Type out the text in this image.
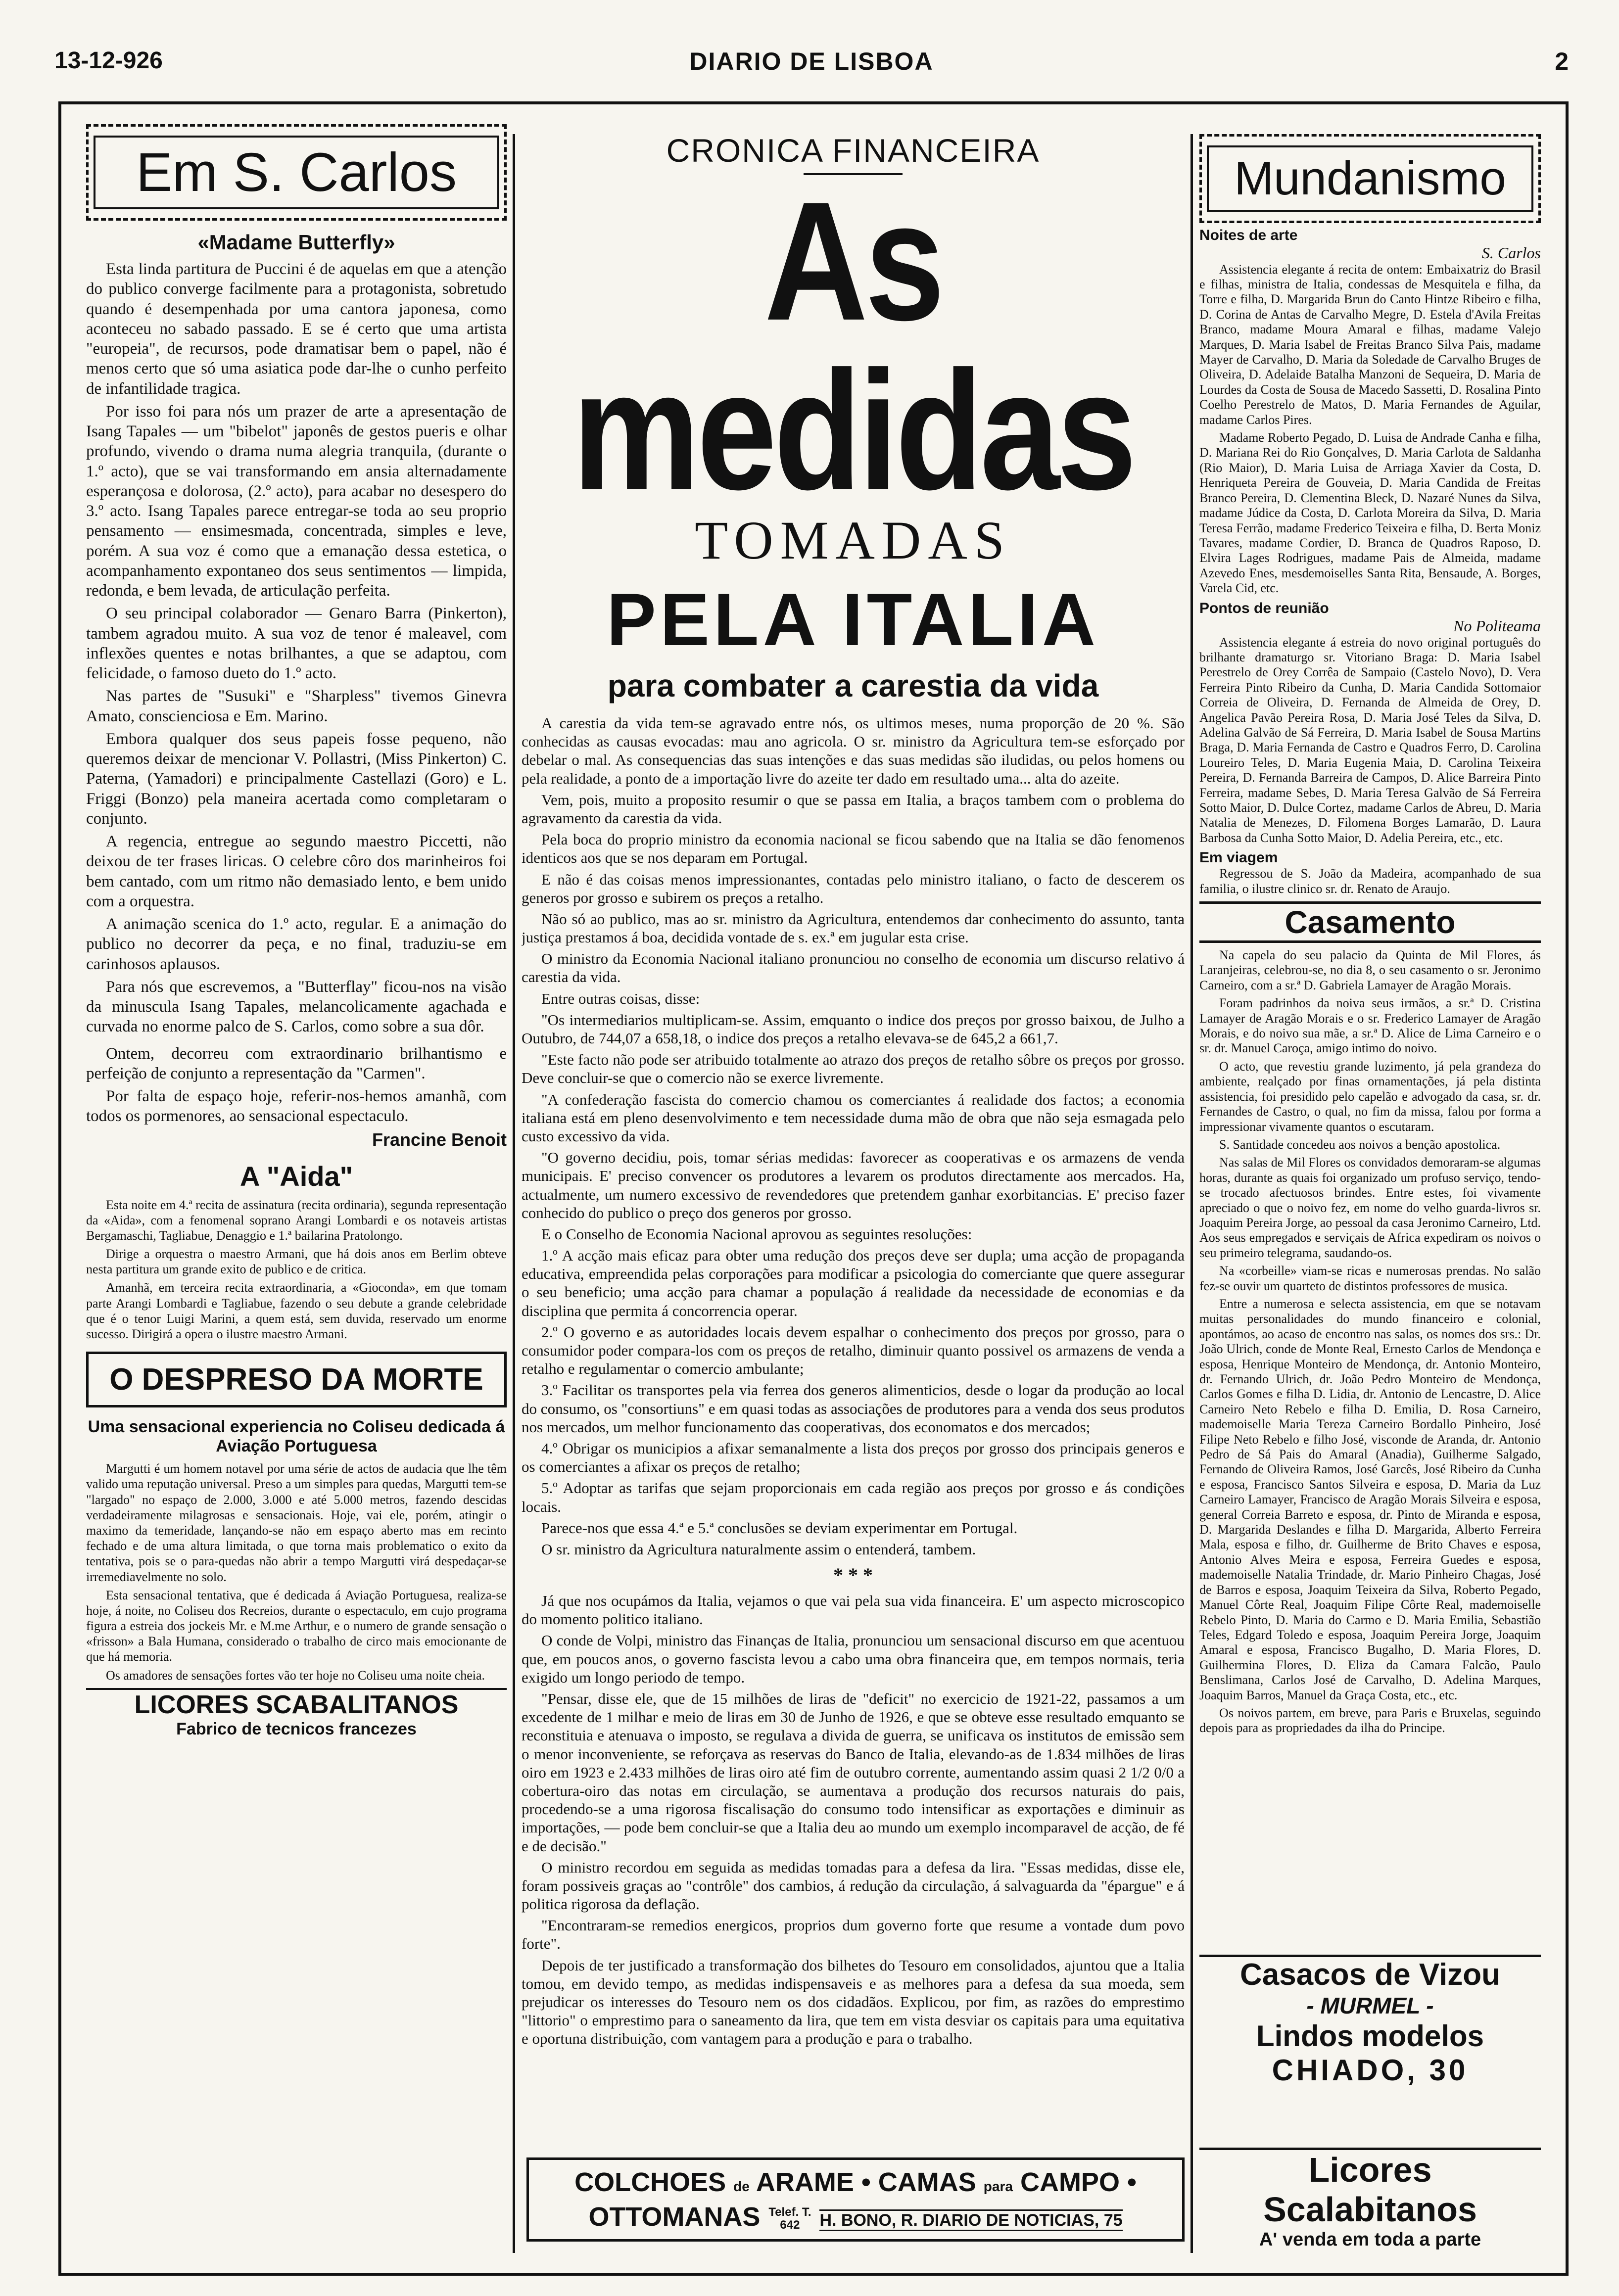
13-12-926	DIARIO DE LISBOA	2
Em S. Carlos
«Madame Butterfly»

Esta linda partitura de Puccini é de aquelas em que a atenção do publico converge facilmente para a protagonista, sobretudo quando é desempenhada por uma cantora japonesa, como aconteceu no sabado passado. E se é certo que uma artista "europeia", de recursos, pode dramatisar bem o papel, não é menos certo que só uma asiatica pode dar-lhe o cunho perfeito de infantilidade tragica.

Por isso foi para nós um prazer de arte a apresentação de Isang Tapales — um "bibelot" japonês de gestos pueris e olhar profundo, vivendo o drama numa alegria tranquila, (durante o 1.º acto), que se vai transformando em ansia alternadamente esperançosa e dolorosa, (2.º acto), para acabar no desespero do 3.º acto. Isang Tapales parece entregar-se toda ao seu proprio pensamento — ensimesmada, concentrada, simples e leve, porém. A sua voz é como que a emanação dessa estetica, o acompanhamento expontaneo dos seus sentimentos — limpida, redonda, e bem levada, de articulação perfeita.

O seu principal colaborador — Genaro Barra (Pinkerton), tambem agradou muito. A sua voz de tenor é maleavel, com inflexões quentes e notas brilhantes, a que se adaptou, com felicidade, o famoso dueto do 1.º acto.

Nas partes de "Susuki" e "Sharpless" tivemos Ginevra Amato, conscienciosa e Em. Marino.

Embora qualquer dos seus papeis fosse pequeno, não queremos deixar de mencionar V. Pollastri, (Miss Pinkerton) C. Paterna, (Yamadori) e principalmente Castellazi (Goro) e L. Friggi (Bonzo) pela maneira acertada como completaram o conjunto.

A regencia, entregue ao segundo maestro Piccetti, não deixou de ter frases liricas. O celebre côro dos marinheiros foi bem cantado, com um ritmo não demasiado lento, e bem unido com a orquestra.

A animação scenica do 1.º acto, regular. E a animação do publico no decorrer da peça, e no final, traduziu-se em carinhosos aplausos.

Para nós que escrevemos, a "Butterflay" ficou-nos na visão da minuscula Isang Tapales, melancolicamente agachada e curvada no enorme palco de S. Carlos, como sobre a sua dôr.

Ontem, decorreu com extraordinario brilhantismo e perfeição de conjunto a representação da "Carmen".

Por falta de espaço hoje, referir-nos-hemos amanhã, com todos os pormenores, ao sensacional espectaculo.

Francine Benoit
A "Aida"

Esta noite em 4.ª recita de assinatura (recita ordinaria), segunda representação da «Aida», com a fenomenal soprano Arangi Lombardi e os notaveis artistas Bergamaschi, Tagliabue, Denaggio e 1.ª bailarina Pratolongo.

Dirige a orquestra o maestro Armani, que há dois anos em Berlim obteve nesta partitura um grande exito de publico e de critica.

Amanhã, em terceira recita extraordinaria, a «Gioconda», em que tomam parte Arangi Lombardi e Tagliabue, fazendo o seu debute a grande celebridade que é o tenor Luigi Marini, a quem está, sem duvida, reservado um enorme sucesso. Dirigirá a opera o ilustre maestro Armani.

O DESPRESO DA MORTE
Uma sensacional experiencia no Coliseu dedicada á Aviação Portuguesa

Margutti é um homem notavel por uma série de actos de audacia que lhe têm valido uma reputação universal. Preso a um simples para quedas, Margutti tem-se "largado" no espaço de 2.000, 3.000 e até 5.000 metros, fazendo descidas verdadeiramente milagrosas e sensacionais. Hoje, vai ele, porém, atingir o maximo da temeridade, lançando-se não em espaço aberto mas em recinto fechado e de uma altura limitada, o que torna mais problematico o exito da tentativa, pois se o para-quedas não abrir a tempo Margutti virá despedaçar-se irremediavelmente no solo.

Esta sensacional tentativa, que é dedicada á Aviação Portuguesa, realiza-se hoje, á noite, no Coliseu dos Recreios, durante o espectaculo, em cujo programa figura a estreia dos jockeis Mr. e M.me Arthur, e o numero de grande sensação o «frisson» a Bala Humana, considerado o trabalho de circo mais emocionante de que há memoria.

Os amadores de sensações fortes vão ter hoje no Coliseu uma noite cheia.

LICORES SCABALITANOS
Fabrico de tecnicos francezes
CRONICA FINANCEIRA
As medidas
TOMADAS
PELA ITALIA
para combater a carestia da vida

A carestia da vida tem-se agravado entre nós, os ultimos meses, numa proporção de 20 %. São conhecidas as causas evocadas: mau ano agricola. O sr. ministro da Agricultura tem-se esforçado por debelar o mal. As consequencias das suas intenções e das suas medidas são iludidas, ou pelos homens ou pela realidade, a ponto de a importação livre do azeite ter dado em resultado uma... alta do azeite.

Vem, pois, muito a proposito resumir o que se passa em Italia, a braços tambem com o problema do agravamento da carestia da vida.

Pela boca do proprio ministro da economia nacional se ficou sabendo que na Italia se dão fenomenos identicos aos que se nos deparam em Portugal.

E não é das coisas menos impressionantes, contadas pelo ministro italiano, o facto de descerem os generos por grosso e subirem os preços a retalho.

Não só ao publico, mas ao sr. ministro da Agricultura, entendemos dar conhecimento do assunto, tanta justiça prestamos á boa, decidida vontade de s. ex.ª em jugular esta crise.

O ministro da Economia Nacional italiano pronunciou no conselho de economia um discurso relativo á carestia da vida.

Entre outras coisas, disse:

"Os intermediarios multiplicam-se. Assim, emquanto o indice dos preços por grosso baixou, de Julho a Outubro, de 744,07 a 658,18, o indice dos preços a retalho elevava-se de 645,2 a 661,7.

"Este facto não pode ser atribuido totalmente ao atrazo dos preços de retalho sôbre os preços por grosso. Deve concluir-se que o comercio não se exerce livremente.

"A confederação fascista do comercio chamou os comerciantes á realidade dos factos; a economia italiana está em pleno desenvolvimento e tem necessidade duma mão de obra que não seja esmagada pelo custo excessivo da vida.

"O governo decidiu, pois, tomar sérias medidas: favorecer as cooperativas e os armazens de venda municipais. E' preciso convencer os produtores a levarem os produtos directamente aos mercados. Ha, actualmente, um numero excessivo de revendedores que pretendem ganhar exorbitancias. E' preciso fazer conhecido do publico o preço dos generos por grosso.

E o Conselho de Economia Nacional aprovou as seguintes resoluções:

1.º A acção mais eficaz para obter uma redução dos preços deve ser dupla; uma acção de propaganda educativa, empreendida pelas corporações para modificar a psicologia do comerciante que quere assegurar o seu beneficio; uma acção para chamar a população á realidade da necessidade de economias e da disciplina que permita á concorrencia operar.

2.º O governo e as autoridades locais devem espalhar o conhecimento dos preços por grosso, para o consumidor poder compara-los com os preços de retalho, diminuir quanto possivel os armazens de venda a retalho e regulamentar o comercio ambulante;

3.º Facilitar os transportes pela via ferrea dos generos alimenticios, desde o logar da produção ao local do consumo, os "consortiuns" e em quasi todas as associações de produtores para a venda dos seus produtos nos mercados, um melhor funcionamento das cooperativas, dos economatos e dos mercados;

4.º Obrigar os municipios a afixar semanalmente a lista dos preços por grosso dos principais generos e os comerciantes a afixar os preços de retalho;

5.º Adoptar as tarifas que sejam proporcionais em cada região aos preços por grosso e ás condições locais.

Parece-nos que essa 4.ª e 5.ª conclusões se deviam experimentar em Portugal.

O sr. ministro da Agricultura naturalmente assim o entenderá, tambem.

* * *

Já que nos ocupámos da Italia, vejamos o que vai pela sua vida financeira. E' um aspecto microscopico do momento politico italiano.

O conde de Volpi, ministro das Finanças de Italia, pronunciou um sensacional discurso em que acentuou que, em poucos anos, o governo fascista levou a cabo uma obra financeira que, em tempos normais, teria exigido um longo periodo de tempo.

"Pensar, disse ele, que de 15 milhões de liras de "deficit" no exercicio de 1921-22, passamos a um excedente de 1 milhar e meio de liras em 30 de Junho de 1926, e que se obteve esse resultado emquanto se reconstituia e atenuava o imposto, se regulava a divida de guerra, se unificava os institutos de emissão sem o menor inconveniente, se reforçava as reservas do Banco de Italia, elevando-as de 1.834 milhões de liras oiro em 1923 e 2.433 milhões de liras oiro até fim de outubro corrente, aumentando assim quasi 2 1/2 0/0 a cobertura-oiro das notas em circulação, se aumentava a produção dos recursos naturais do pais, procedendo-se a uma rigorosa fiscalisação do consumo todo intensificar as exportações e diminuir as importações, — pode bem concluir-se que a Italia deu ao mundo um exemplo incomparavel de acção, de fé e de decisão."

O ministro recordou em seguida as medidas tomadas para a defesa da lira. "Essas medidas, disse ele, foram possiveis graças ao "contrôle" dos cambios, á redução da circulação, á salvaguarda da "épargue" e á politica rigorosa da deflação.

"Encontraram-se remedios energicos, proprios dum governo forte que resume a vontade dum povo forte".

Depois de ter justificado a transformação dos bilhetes do Tesouro em consolidados, ajuntou que a Italia tomou, em devido tempo, as medidas indispensaveis e as melhores para a defesa da sua moeda, sem prejudicar os interesses do Tesouro nem os dos cidadãos. Explicou, por fim, as razões do emprestimo "littorio" o emprestimo para o saneamento da lira, que tem em vista desviar os capitais para uma equitativa e oportuna distribuição, com vantagem para a produção e para o trabalho.

Mundanismo
Noites de arte
S. Carlos

Assistencia elegante á recita de ontem: Embaixatriz do Brasil e filhas, ministra de Italia, condessas de Mesquitela e filha, da Torre e filha, D. Margarida Brun do Canto Hintze Ribeiro e filha, D. Corina de Antas de Carvalho Megre, D. Estela d'Avila Freitas Branco, madame Moura Amaral e filhas, madame Valejo Marques, D. Maria Isabel de Freitas Branco Silva Pais, madame Mayer de Carvalho, D. Maria da Soledade de Carvalho Bruges de Oliveira, D. Adelaide Batalha Manzoni de Sequeira, D. Maria de Lourdes da Costa de Sousa de Macedo Sassetti, D. Rosalina Pinto Coelho Perestrelo de Matos, D. Maria Fernandes de Aguilar, madame Carlos Pires.

Madame Roberto Pegado, D. Luisa de Andrade Canha e filha, D. Mariana Rei do Rio Gonçalves, D. Maria Carlota de Saldanha (Rio Maior), D. Maria Luisa de Arriaga Xavier da Costa, D. Henriqueta Pereira de Gouveia, D. Maria Candida de Freitas Branco Pereira, D. Clementina Bleck, D. Nazaré Nunes da Silva, madame Júdice da Costa, D. Carlota Moreira da Silva, D. Maria Teresa Ferrão, madame Frederico Teixeira e filha, D. Berta Moniz Tavares, madame Cordier, D. Branca de Quadros Raposo, D. Elvira Lages Rodrigues, madame Pais de Almeida, madame Azevedo Enes, mesdemoiselles Santa Rita, Bensaude, A. Borges, Varela Cid, etc.

Pontos de reunião
No Politeama

Assistencia elegante á estreia do novo original português do brilhante dramaturgo sr. Vitoriano Braga: D. Maria Isabel Perestrelo de Orey Corrêa de Sampaio (Castelo Novo), D. Vera Ferreira Pinto Ribeiro da Cunha, D. Maria Candida Sottomaior Correia de Oliveira, D. Fernanda de Almeida de Orey, D. Angelica Pavão Pereira Rosa, D. Maria José Teles da Silva, D. Adelina Galvão de Sá Ferreira, D. Maria Isabel de Sousa Martins Braga, D. Maria Fernanda de Castro e Quadros Ferro, D. Carolina Loureiro Teles, D. Maria Eugenia Maia, D. Carolina Teixeira Pereira, D. Fernanda Barreira de Campos, D. Alice Barreira Pinto Ferreira, madame Sebes, D. Maria Teresa Galvão de Sá Ferreira Sotto Maior, D. Dulce Cortez, madame Carlos de Abreu, D. Maria Natalia de Menezes, D. Filomena Borges Lamarão, D. Laura Barbosa da Cunha Sotto Maior, D. Adelia Pereira, etc., etc.

Em viagem

Regressou de S. João da Madeira, acompanhado de sua familia, o ilustre clinico sr. dr. Renato de Araujo.

Casamento

Na capela do seu palacio da Quinta de Mil Flores, ás Laranjeiras, celebrou-se, no dia 8, o seu casamento o sr. Jeronimo Carneiro, com a sr.ª D. Gabriela Lamayer de Aragão Morais.

Foram padrinhos da noiva seus irmãos, a sr.ª D. Cristina Lamayer de Aragão Morais e o sr. Frederico Lamayer de Aragão Morais, e do noivo sua mãe, a sr.ª D. Alice de Lima Carneiro e o sr. dr. Manuel Caroça, amigo intimo do noivo.

O acto, que revestiu grande luzimento, já pela grandeza do ambiente, realçado por finas ornamentações, já pela distinta assistencia, foi presidido pelo capelão e advogado da casa, sr. dr. Fernandes de Castro, o qual, no fim da missa, falou por forma a impressionar vivamente quantos o escutaram.

S. Santidade concedeu aos noivos a benção apostolica.

Nas salas de Mil Flores os convidados demoraram-se algumas horas, durante as quais foi organizado um profuso serviço, tendo-se trocado afectuosos brindes. Entre estes, foi vivamente apreciado o que o noivo fez, em nome do velho guarda-livros sr. Joaquim Pereira Jorge, ao pessoal da casa Jeronimo Carneiro, Ltd. Aos seus empregados e serviçais de Africa expediram os noivos o seu primeiro telegrama, saudando-os.

Na «corbeille» viam-se ricas e numerosas prendas. No salão fez-se ouvir um quarteto de distintos professores de musica.

Entre a numerosa e selecta assistencia, em que se notavam muitas personalidades do mundo financeiro e colonial, apontámos, ao acaso de encontro nas salas, os nomes dos srs.: Dr. João Ulrich, conde de Monte Real, Ernesto Carlos de Mendonça e esposa, Henrique Monteiro de Mendonça, dr. Antonio Monteiro, dr. Fernando Ulrich, dr. João Pedro Monteiro de Mendonça, Carlos Gomes e filha D. Lidia, dr. Antonio de Lencastre, D. Alice Carneiro Neto Rebelo e filha D. Emilia, D. Rosa Carneiro, mademoiselle Maria Tereza Carneiro Bordallo Pinheiro, José Filipe Neto Rebelo e filho José, visconde de Aranda, dr. Antonio Pedro de Sá Pais do Amaral (Anadia), Guilherme Salgado, Fernando de Oliveira Ramos, José Garcês, José Ribeiro da Cunha e esposa, Francisco Santos Silveira e esposa, D. Maria da Luz Carneiro Lamayer, Francisco de Aragão Morais Silveira e esposa, general Correia Barreto e esposa, dr. Pinto de Miranda e esposa, D. Margarida Deslandes e filha D. Margarida, Alberto Ferreira Mala, esposa e filho, dr. Guilherme de Brito Chaves e esposa, Antonio Alves Meira e esposa, Ferreira Guedes e esposa, mademoiselle Natalia Trindade, dr. Mario Pinheiro Chagas, José de Barros e esposa, Joaquim Teixeira da Silva, Roberto Pegado, Manuel Côrte Real, Joaquim Filipe Côrte Real, mademoiselle Rebelo Pinto, D. Maria do Carmo e D. Maria Emilia, Sebastião Teles, Edgard Toledo e esposa, Joaquim Pereira Jorge, Joaquim Amaral e esposa, Francisco Bugalho, D. Maria Flores, D. Guilhermina Flores, D. Eliza da Camara Falcão, Paulo Benslimana, Carlos José de Carvalho, D. Adelina Marques, Joaquim Barros, Manuel da Graça Costa, etc., etc.

Os noivos partem, em breve, para Paris e Bruxelas, seguindo depois para as propriedades da ilha do Principe.

COLCHOES de ARAME • CAMAS para CAMPO •
OTTOMANAS Telef. T. 642 H. BONO, R. DIARIO DE NOTICIAS, 75
Casacos de Vizou
- MURMEL -
Lindos modelos
CHIADO, 30
Licores Scalabitanos
A' venda em toda a parte
